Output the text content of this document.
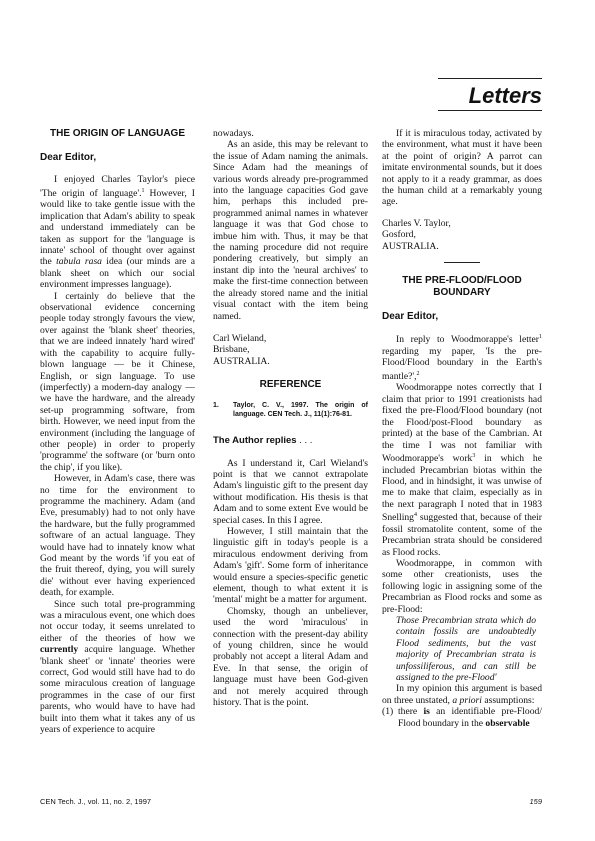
Letters
THE ORIGIN OF LANGUAGE
Dear Editor,

I enjoyed Charles Taylor's piece 'The origin of language'.$^1$ However, I would like to take gentle issue with the implication that Adam's ability to speak and understand immediately can be taken as support for the 'language is innate' school of thought over against the tabula rasa idea (our minds are a blank sheet on which our social environment impresses language).

I certainly do believe that the observational evidence concerning people today strongly favours the view, over against the 'blank sheet' theories, that we are indeed innately 'hard wired' with the capability to acquire fully-blown language — be it Chinese, English, or sign language. To use (imperfectly) a modern-day analogy — we have the hardware, and the already set-up programming software, from birth. However, we need input from the environment (including the language of other people) in order to properly 'programme' the software (or 'burn onto the chip', if you like).

However, in Adam's case, there was no time for the environment to programme the machinery. Adam (and Eve, presumably) had to not only have the hardware, but the fully programmed software of an actual language. They would have had to innately know what God meant by the words 'if you eat of the fruit thereof, dying, you will surely die' without ever having experienced death, for example.

Since such total pre-programming was a miraculous event, one which does not occur today, it seems unrelated to either of the theories of how we currently acquire language. Whether 'blank sheet' or 'innate' theories were correct, God would still have had to do some miraculous creation of language programmes in the case of our first parents, who would have to have had built into them what it takes any of us years of experience to acquire

nowadays.

As an aside, this may be relevant to the issue of Adam naming the animals. Since Adam had the meanings of various words already pre-programmed into the language capacities God gave him, perhaps this included pre-programmed animal names in whatever language it was that God chose to imbue him with. Thus, it may be that the naming procedure did not require pondering creatively, but simply an instant dip into the 'neural archives' to make the first-time connection between the already stored name and the initial visual contact with the item being named.

Carl Wieland,
Brisbane,
AUSTRALIA.
REFERENCE
1.	Taylor, C. V., 1997. The origin of language. CEN Tech. J., 11(1):76-81.
The Author replies . . .

As I understand it, Carl Wieland's point is that we cannot extrapolate Adam's linguistic gift to the present day without modification. His thesis is that Adam and to some extent Eve would be special cases. In this I agree.

However, I still maintain that the linguistic gift in today's people is a miraculous endowment deriving from Adam's 'gift'. Some form of inheritance would ensure a species-specific genetic element, though to what extent it is 'mental' might be a matter for argument.

Chomsky, though an unbeliever, used the word 'miraculous' in connection with the present-day ability of young children, since he would probably not accept a literal Adam and Eve. In that sense, the origin of language must have been God-given and not merely acquired through history. That is the point.

If it is miraculous today, activated by the environment, what must it have been at the point of origin? A parrot can imitate environmental sounds, but it does not apply to it a ready grammar, as does the human child at a remarkably young age.

Charles V. Taylor,
Gosford,
AUSTRALIA.
THE PRE-FLOOD/FLOOD BOUNDARY
Dear Editor,

In reply to Woodmorappe's letter$^1$ regarding my paper, 'Is the pre-Flood/Flood boundary in the Earth's mantle?',$^2$

Woodmorappe notes correctly that I claim that prior to 1991 creationists had fixed the pre-Flood/Flood boundary (not the Flood/post-Flood boundary as printed) at the base of the Cambrian. At the time I was not familiar with Woodmorappe's work$^3$ in which he included Precambrian biotas within the Flood, and in hindsight, it was unwise of me to make that claim, especially as in the next paragraph I noted that in 1983 Snelling$^4$ suggested that, because of their fossil stromatolite content, some of the Precambrian strata should be considered as Flood rocks.

Woodmorappe, in common with some other creationists, uses the following logic in assigning some of the Precambrian as Flood rocks and some as pre-Flood:

Those Precambrian strata which do contain fossils are undoubtedly Flood sediments, but the vast majority of Precambrian strata is unfossiliferous, and can still be assigned to the pre-Flood'

In my opinion this argument is based on three unstated, a priori assumptions:

(1) there is an identifiable pre-Flood/ Flood boundary in the observable
CEN Tech. J., vol. 11, no. 2, 1997	159
